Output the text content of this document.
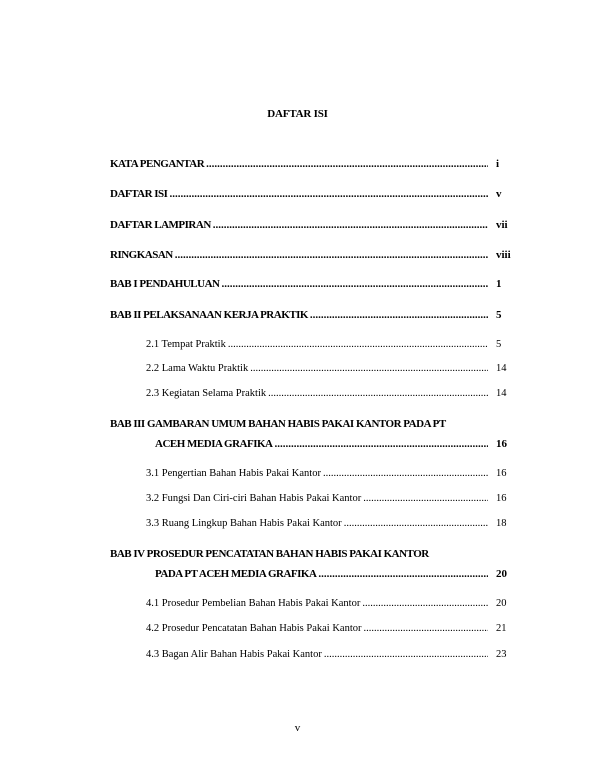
DAFTAR ISI
KATA PENGANTAR .....	i
DAFTAR ISI .....	v
DAFTAR LAMPIRAN .....	vii
RINGKASAN .....	viii
BAB I PENDAHULUAN .....	1
BAB II PELAKSANAAN KERJA PRAKTIK .....	5
2.1 Tempat Praktik .....	5
2.2 Lama Waktu Praktik .....	14
2.3 Kegiatan Selama Praktik .....	14
BAB III GAMBARAN UMUM BAHAN HABIS PAKAI KANTOR PADA PT
ACEH MEDIA GRAFIKA .....	16
3.1 Pengertian Bahan Habis Pakai Kantor .....	16
3.2 Fungsi Dan Ciri-ciri Bahan Habis Pakai Kantor .....	16
3.3 Ruang Lingkup Bahan Habis Pakai Kantor .....	18
BAB IV PROSEDUR PENCATATAN BAHAN HABIS PAKAI KANTOR
PADA PT ACEH MEDIA GRAFIKA .....	20
4.1 Prosedur Pembelian Bahan Habis Pakai Kantor .....	20
4.2 Prosedur Pencatatan Bahan Habis Pakai Kantor .....	21
4.3 Bagan Alir Bahan Habis Pakai Kantor .....	23
v
